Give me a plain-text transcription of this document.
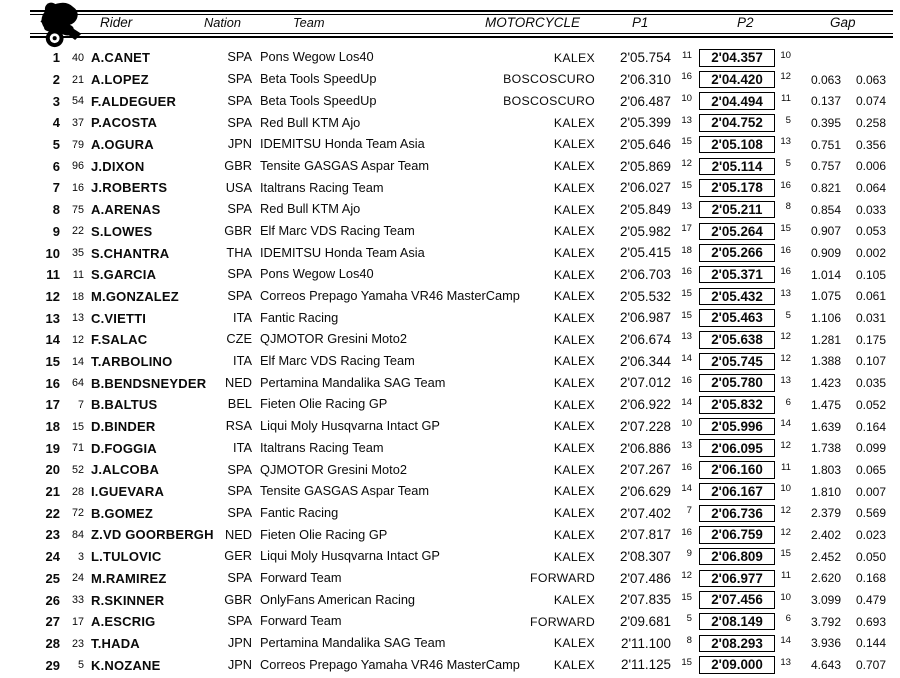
Rider	Nation	Team	MOTORCYCLE	P1	P2	Gap
1	40 A.CANET	SPA Pons Wegow Los40	KALEX	2'05.754	11	2'04.357	10
2	21 A.LOPEZ	SPA Beta Tools SpeedUp	BOSCOSCURO	2'06.310	16	2'04.420	12	0.063	0.063
3	54 F.ALDEGUER	SPA Beta Tools SpeedUp	BOSCOSCURO	2'06.487	10	2'04.494	11	0.137	0.074
4	37 P.ACOSTA	SPA Red Bull KTM Ajo	KALEX	2'05.399	13	2'04.752	5	0.395	0.258
5	79 A.OGURA	JPN IDEMITSU Honda Team Asia	KALEX	2'05.646	15	2'05.108	13	0.751	0.356
6	96 J.DIXON	GBR Tensite GASGAS Aspar Team	KALEX	2'05.869	12	2'05.114	5	0.757	0.006
7	16 J.ROBERTS	USA Italtrans Racing Team	KALEX	2'06.027	15	2'05.178	16	0.821	0.064
8	75 A.ARENAS	SPA Red Bull KTM Ajo	KALEX	2'05.849	13	2'05.211	8	0.854	0.033
9	22 S.LOWES	GBR Elf Marc VDS Racing Team	KALEX	2'05.982	17	2'05.264	15	0.907	0.053
10	35 S.CHANTRA	THA IDEMITSU Honda Team Asia	KALEX	2'05.415	18	2'05.266	16	0.909	0.002
11	11 S.GARCIA	SPA Pons Wegow Los40	KALEX	2'06.703	16	2'05.371	16	1.014	0.105
12	18 M.GONZALEZ	SPA Correos Prepago Yamaha VR46 MasterCamp	KALEX	2'05.532	15	2'05.432	13	1.075	0.061
13	13 C.VIETTI	ITA Fantic Racing	KALEX	2'06.987	15	2'05.463	5	1.106	0.031
14	12 F.SALAC	CZE QJMOTOR Gresini Moto2	KALEX	2'06.674	13	2'05.638	12	1.281	0.175
15	14 T.ARBOLINO	ITA Elf Marc VDS Racing Team	KALEX	2'06.344	14	2'05.745	12	1.388	0.107
16	64 B.BENDSNEYDER	NED Pertamina Mandalika SAG Team	KALEX	2'07.012	16	2'05.780	13	1.423	0.035
17	7 B.BALTUS	BEL Fieten Olie Racing GP	KALEX	2'06.922	14	2'05.832	6	1.475	0.052
18	15 D.BINDER	RSA Liqui Moly Husqvarna Intact GP	KALEX	2'07.228	10	2'05.996	14	1.639	0.164
19	71 D.FOGGIA	ITA Italtrans Racing Team	KALEX	2'06.886	13	2'06.095	12	1.738	0.099
20	52 J.ALCOBA	SPA QJMOTOR Gresini Moto2	KALEX	2'07.267	16	2'06.160	11	1.803	0.065
21	28 I.GUEVARA	SPA Tensite GASGAS Aspar Team	KALEX	2'06.629	14	2'06.167	10	1.810	0.007
22	72 B.GOMEZ	SPA Fantic Racing	KALEX	2'07.402	7	2'06.736	12	2.379	0.569
23	84 Z.VD GOORBERGH NED Fieten Olie Racing GP	KALEX	2'07.817	16	2'06.759	12	2.402	0.023
24	3 L.TULOVIC	GER Liqui Moly Husqvarna Intact GP	KALEX	2'08.307	9	2'06.809	15	2.452	0.050
25	24 M.RAMIREZ	SPA Forward Team	FORWARD	2'07.486	12	2'06.977	11	2.620	0.168
26	33 R.SKINNER	GBR OnlyFans American Racing	KALEX	2'07.835	15	2'07.456	10	3.099	0.479
27	17 A.ESCRIG	SPA Forward Team	FORWARD	2'09.681	5	2'08.149	6	3.792	0.693
28	23 T.HADA	JPN Pertamina Mandalika SAG Team	KALEX	2'11.100	8	2'08.293	14	3.936	0.144
29	5 K.NOZANE	JPN Correos Prepago Yamaha VR46 MasterCamp	KALEX	2'11.125	15	2'09.000	13	4.643	0.707
